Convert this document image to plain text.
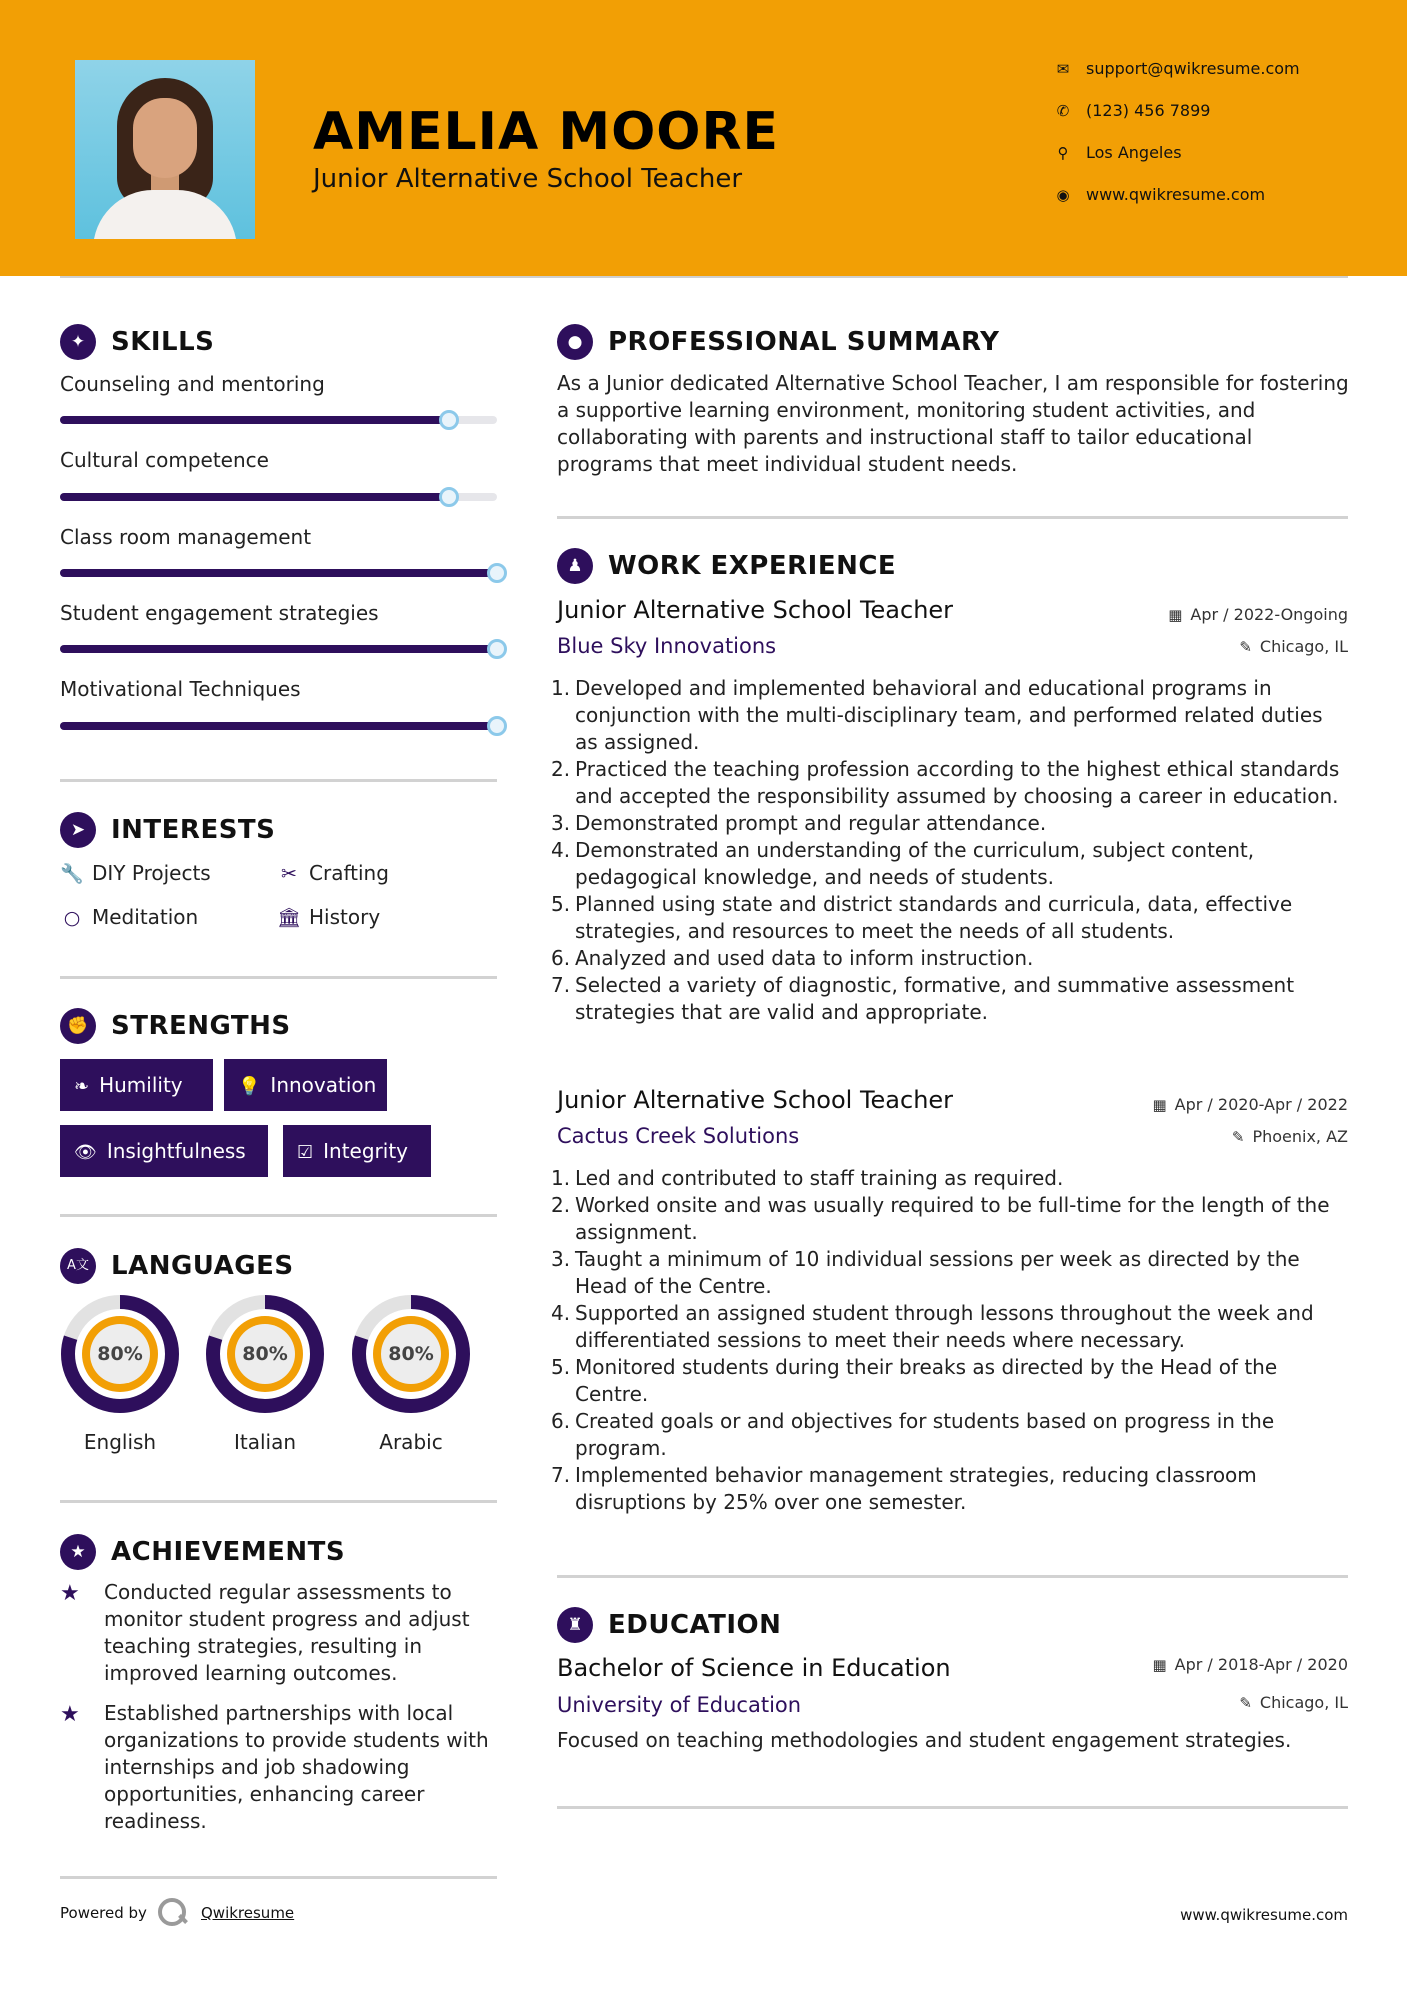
AMELIA MOORE
Junior Alternative School Teacher
✉ support@qwikresume.com
✆ (123) 456 7899
⚲ Los Angeles
◉ www.qwikresume.com
✦ SKILLS
Counseling and mentoring
Cultural competence
Class room management
Student engagement strategies
Motivational Techniques
➤ INTERESTS
🔧 DIY Projects	✂ Crafting
○ Meditation	🏛 History
✊ STRENGTHS
❧ Humility	💡 Innovation
👁 Insightfulness	☑ Integrity
A文 LANGUAGES
80%
English
80%
Italian
80%
Arabic
★ ACHIEVEMENTS
★	Conducted regular assessments to monitor student progress and adjust teaching strategies, resulting in improved learning outcomes.
★	Established partnerships with local organizations to provide students with internships and job shadowing opportunities, enhancing career readiness.
Powered by	Qwikresume	www.qwikresume.com
● PROFESSIONAL SUMMARY
As a Junior dedicated Alternative School Teacher, I am responsible for fostering a supportive learning environment, monitoring student activities, and collaborating with parents and instructional staff to tailor educational programs that meet individual student needs.
♟ WORK EXPERIENCE
Junior Alternative School Teacher	▦ Apr / 2022-Ongoing
Blue Sky Innovations	✎ Chicago, IL
1. Developed and implemented behavioral and educational programs in conjunction with the multi-disciplinary team, and performed related duties as assigned.
2. Practiced the teaching profession according to the highest ethical standards and accepted the responsibility assumed by choosing a career in education.
3. Demonstrated prompt and regular attendance.
4. Demonstrated an understanding of the curriculum, subject content, pedagogical knowledge, and needs of students.
5. Planned using state and district standards and curricula, data, effective strategies, and resources to meet the needs of all students.
6. Analyzed and used data to inform instruction.
7. Selected a variety of diagnostic, formative, and summative assessment strategies that are valid and appropriate.
Junior Alternative School Teacher	▦ Apr / 2020-Apr / 2022
Cactus Creek Solutions	✎ Phoenix, AZ
1. Led and contributed to staff training as required.
2. Worked onsite and was usually required to be full-time for the length of the assignment.
3. Taught a minimum of 10 individual sessions per week as directed by the Head of the Centre.
4. Supported an assigned student through lessons throughout the week and differentiated sessions to meet their needs where necessary.
5. Monitored students during their breaks as directed by the Head of the Centre.
6. Created goals or and objectives for students based on progress in the program.
7. Implemented behavior management strategies, reducing classroom disruptions by 25% over one semester.
♜ EDUCATION
Bachelor of Science in Education	▦ Apr / 2018-Apr / 2020
University of Education	✎ Chicago, IL
Focused on teaching methodologies and student engagement strategies.
